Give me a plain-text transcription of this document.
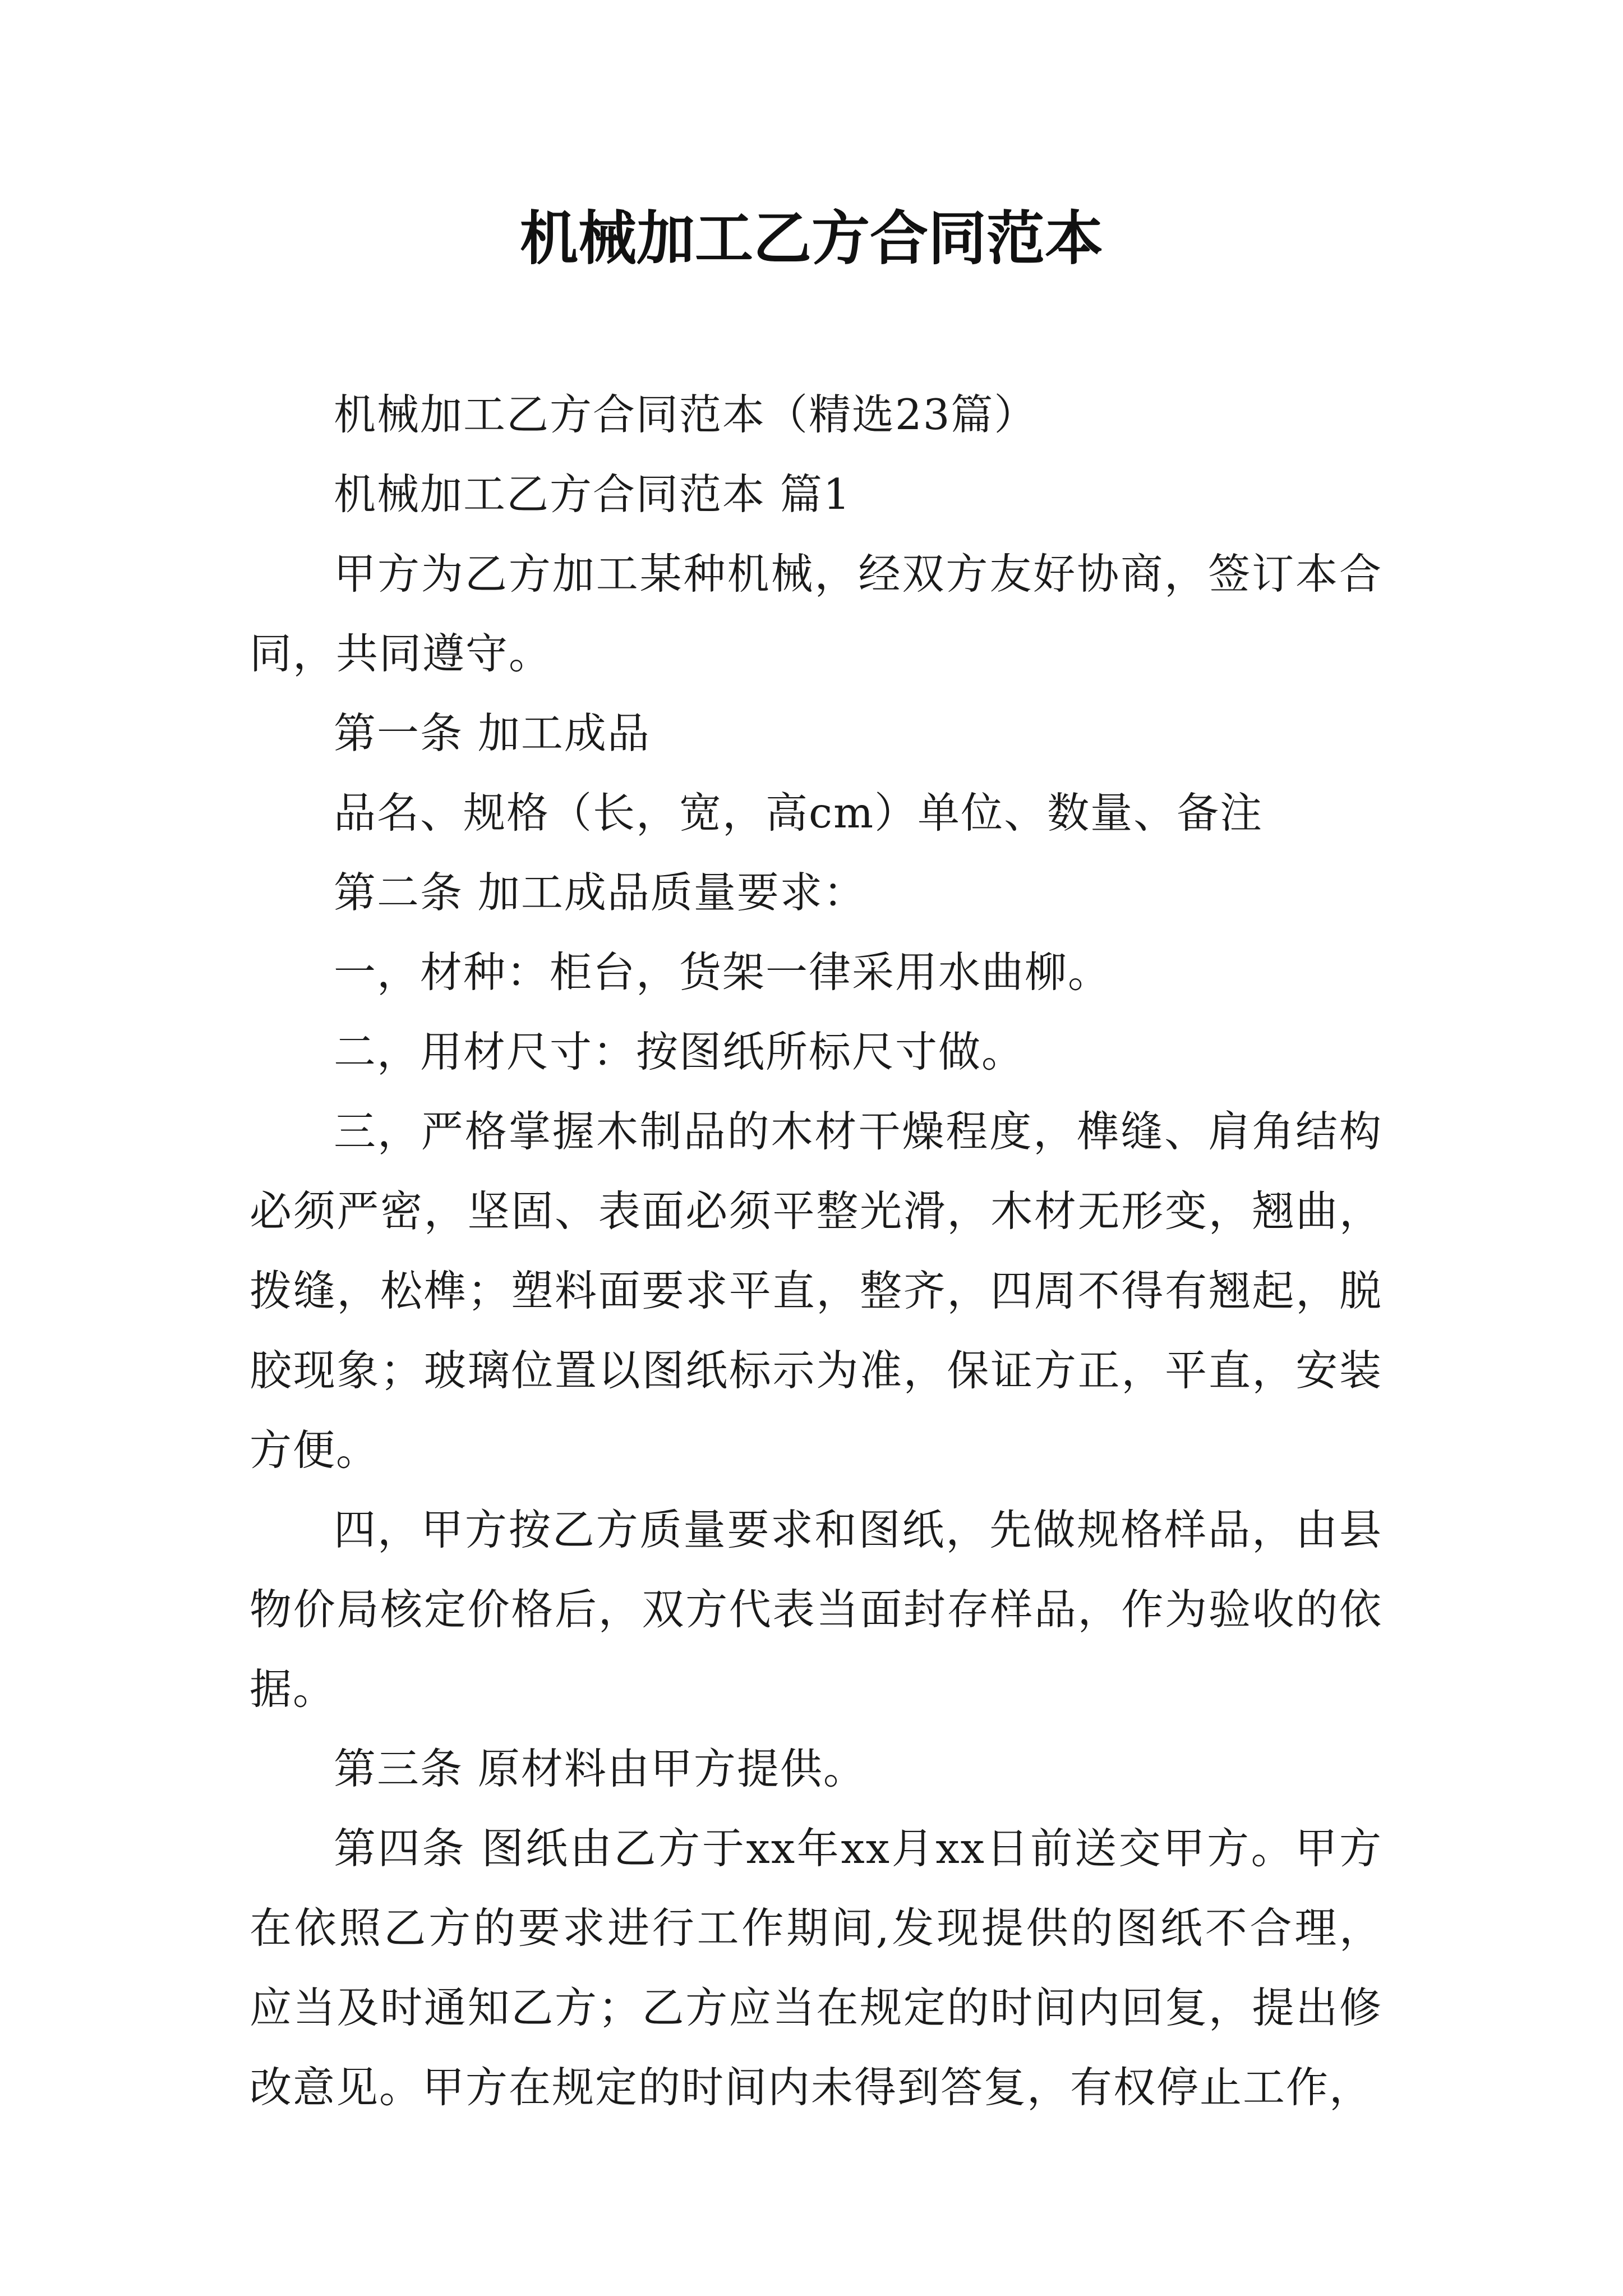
机械加工乙方合同范本

机械加工乙方合同范本（精选23篇）

机械加工乙方合同范本 篇1

甲方为乙方加工某种机械，经双方友好协商，签订本合同，共同遵守。

第一条 加工成品

品名、规格（长，宽，高cm）单位、数量、备注

第二条 加工成品质量要求：

一，材种：柜台，货架一律采用水曲柳。

二，用材尺寸：按图纸所标尺寸做。

三，严格掌握木制品的木材干燥程度，榫缝、肩角结构必须严密，坚固、表面必须平整光滑，木材无形变，翘曲，拨缝，松榫；塑料面要求平直，整齐，四周不得有翘起，脱胶现象；玻璃位置以图纸标示为准，保证方正，平直，安装方便。

四，甲方按乙方质量要求和图纸，先做规格样品，由县物价局核定价格后，双方代表当面封存样品，作为验收的依据。

第三条 原材料由甲方提供。

第四条 图纸由乙方于xx年xx月xx日前送交甲方。甲方在依照乙方的要求进行工作期间,发现提供的图纸不合理，应当及时通知乙方；乙方应当在规定的时间内回复，提出修改意见。甲方在规定的时间内未得到答复，有权停止工作，
